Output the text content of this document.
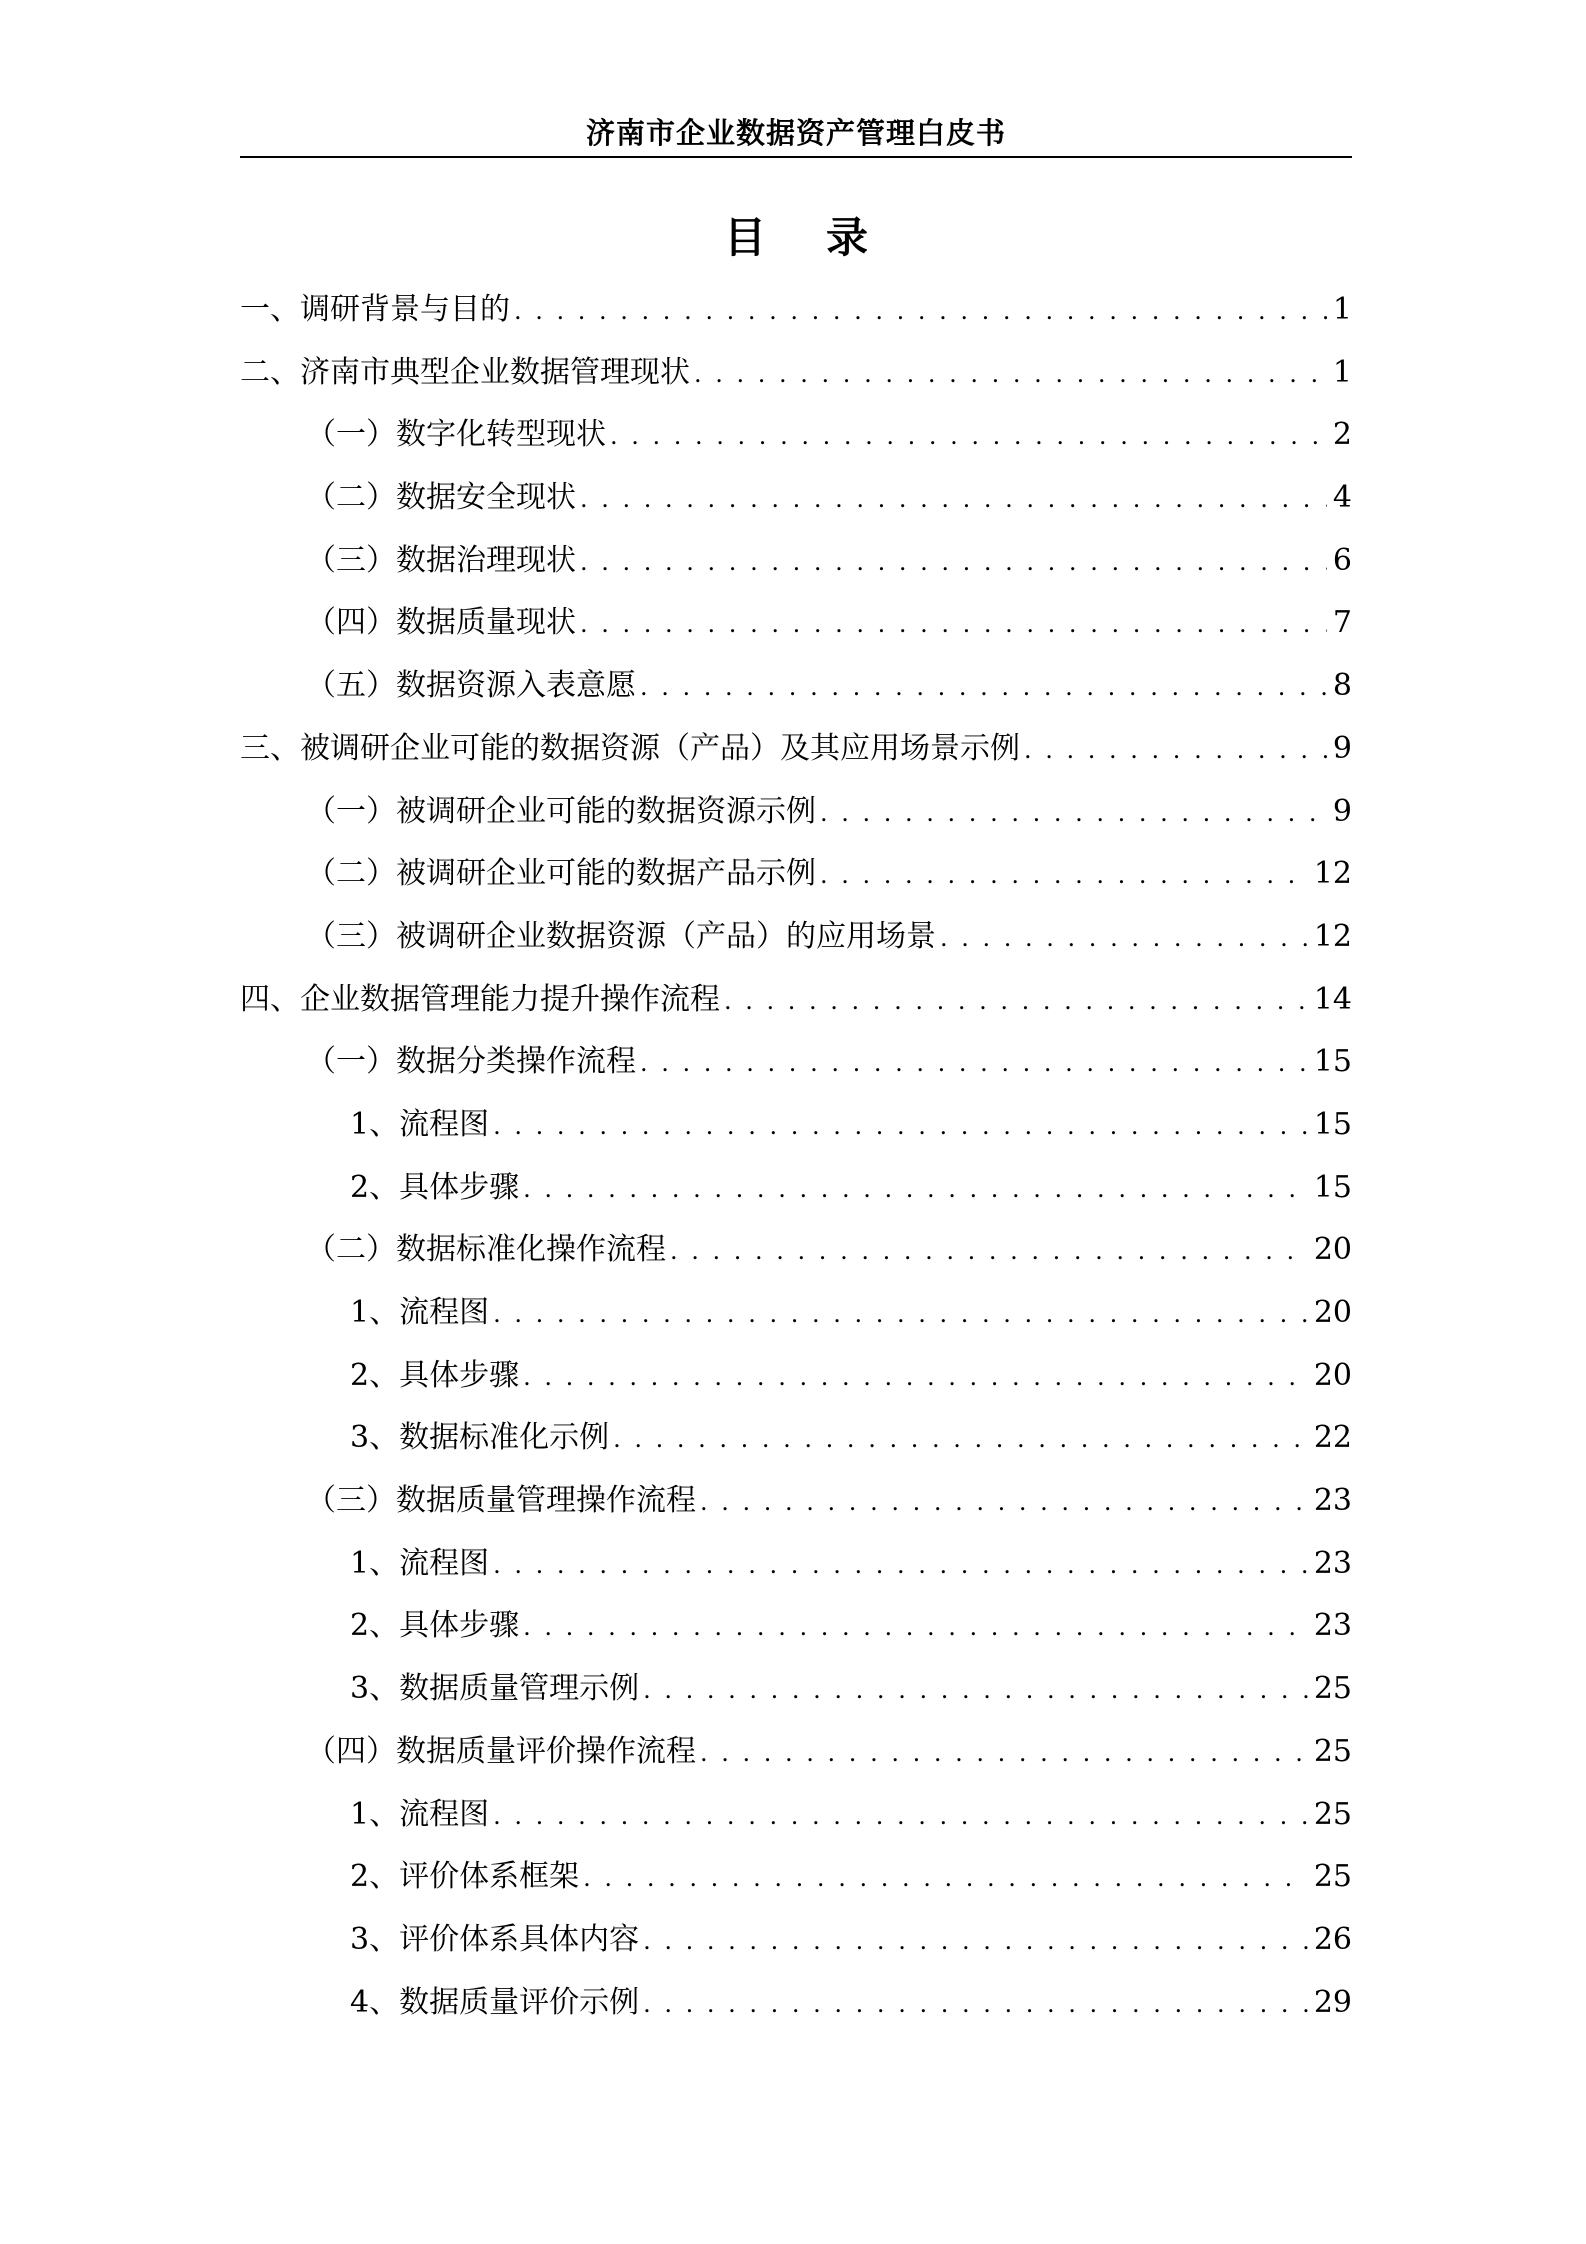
济南市企业数据资产管理白皮书
目 录
一、调研背景与目的 . . .	1
二、济南市典型企业数据管理现状 . . .	1
（一）数字化转型现状 . . .	2
（二）数据安全现状 . . .	4
（三）数据治理现状 . . .	6
（四）数据质量现状 . . .	7
（五）数据资源入表意愿 . . .	8
三、被调研企业可能的数据资源（产品）及其应用场景示例 . . .	9
（一）被调研企业可能的数据资源示例 . . .	9
（二）被调研企业可能的数据产品示例 . . .	12
（三）被调研企业数据资源（产品）的应用场景 . . .	12
四、企业数据管理能力提升操作流程 . . .	14
（一）数据分类操作流程 . . .	15
1、流程图 . . .	15
2、具体步骤 . . .	15
（二）数据标准化操作流程 . . .	20
1、流程图 . . .	20
2、具体步骤 . . .	20
3、数据标准化示例 . . .	22
（三）数据质量管理操作流程 . . .	23
1、流程图 . . .	23
2、具体步骤 . . .	23
3、数据质量管理示例 . . .	25
（四）数据质量评价操作流程 . . .	25
1、流程图 . . .	25
2、评价体系框架 . . .	25
3、评价体系具体内容 . . .	26
4、数据质量评价示例 . . .	29
